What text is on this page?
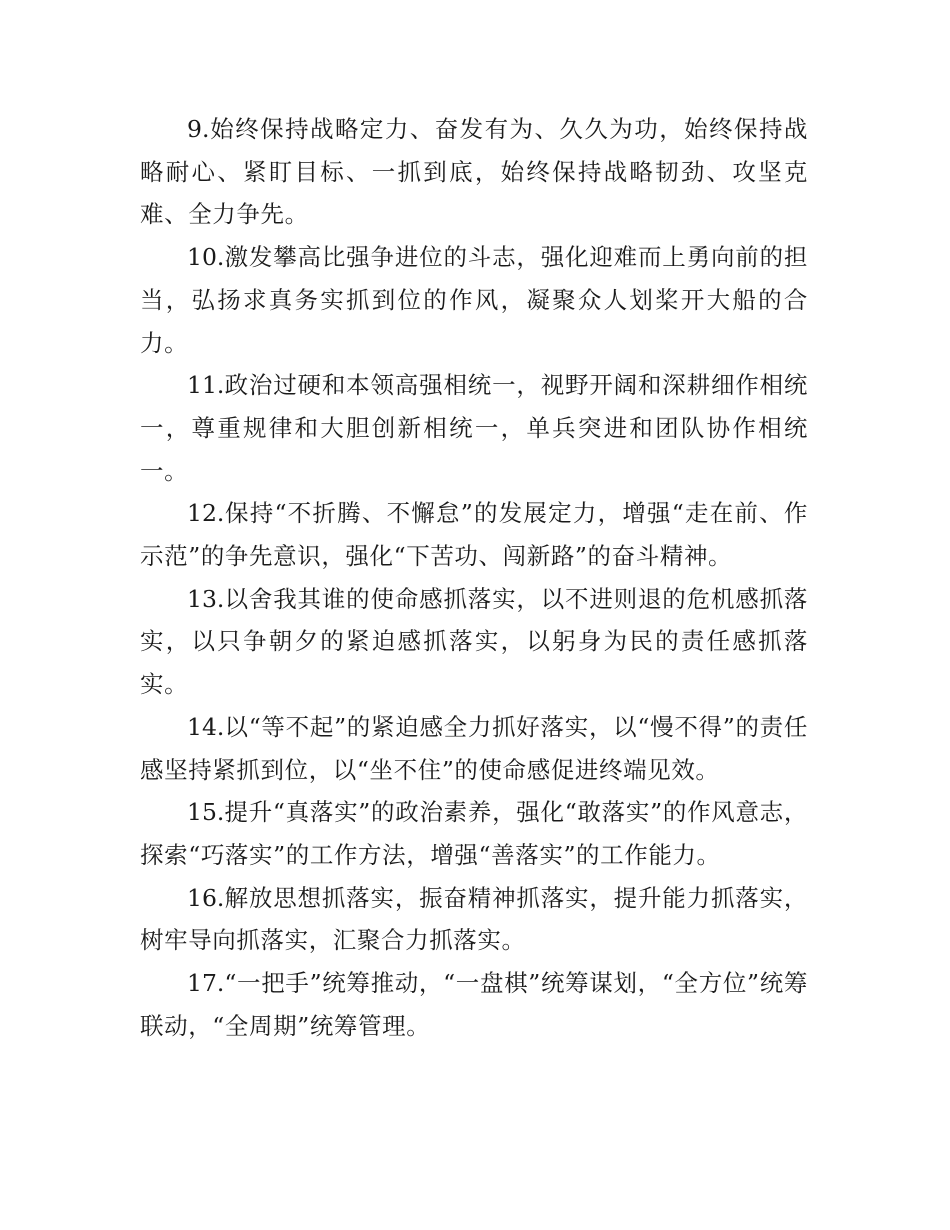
9.始终保持战略定力、奋发有为、久久为功，始终保持战略耐心、紧盯目标、一抓到底，始终保持战略韧劲、攻坚克难、全力争先。

10.激发攀高比强争进位的斗志，强化迎难而上勇向前的担当，弘扬求真务实抓到位的作风，凝聚众人划桨开大船的合力。

11.政治过硬和本领高强相统一，视野开阔和深耕细作相统一，尊重规律和大胆创新相统一，单兵突进和团队协作相统一。

12.保持“不折腾、不懈怠”的发展定力，增强“走在前、作示范”的争先意识，强化“下苦功、闯新路”的奋斗精神。

13.以舍我其谁的使命感抓落实，以不进则退的危机感抓落实，以只争朝夕的紧迫感抓落实，以躬身为民的责任感抓落实。

14.以“等不起”的紧迫感全力抓好落实，以“慢不得”的责任感坚持紧抓到位，以“坐不住”的使命感促进终端见效。

15.提升“真落实”的政治素养，强化“敢落实”的作风意志，探索“巧落实”的工作方法，增强“善落实”的工作能力。

16.解放思想抓落实，振奋精神抓落实，提升能力抓落实，树牢导向抓落实，汇聚合力抓落实。

17.“一把手”统筹推动，“一盘棋”统筹谋划，“全方位”统筹联动，“全周期”统筹管理。
